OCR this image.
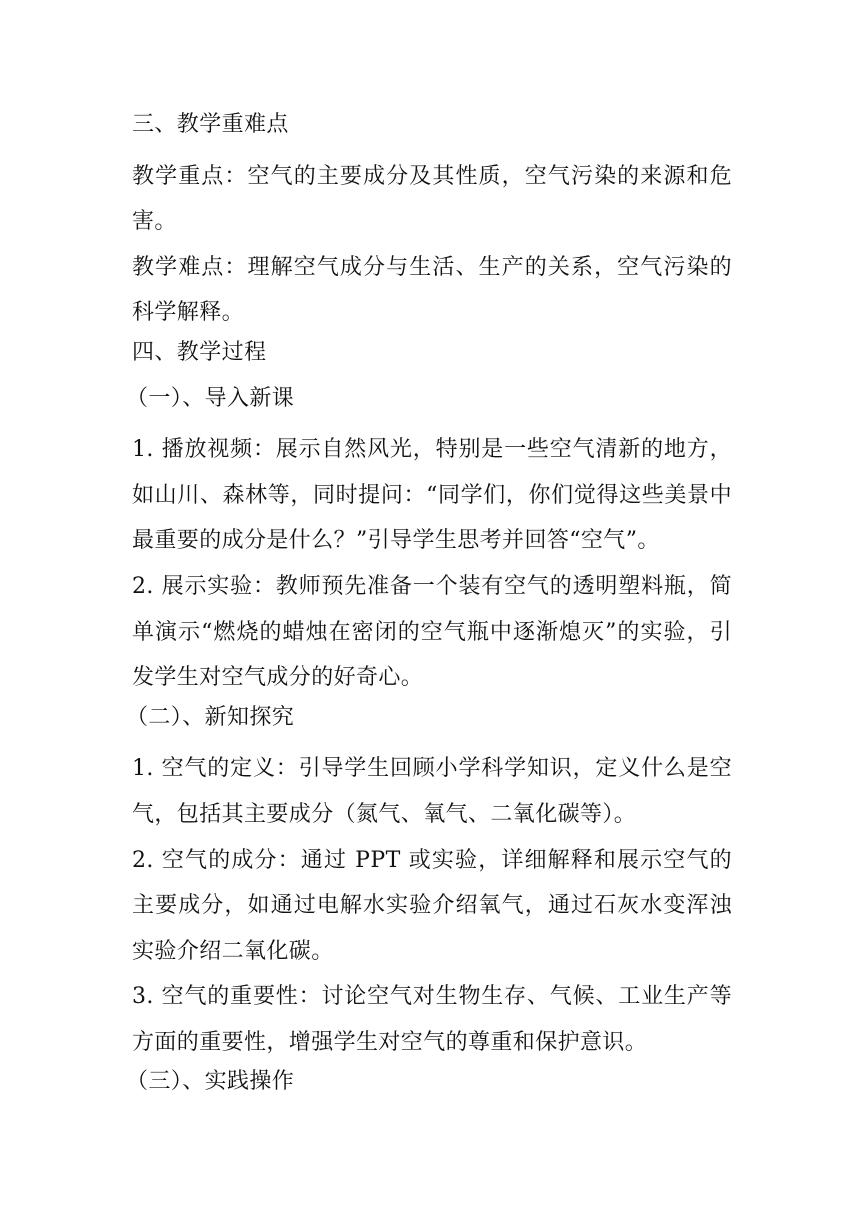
三、教学重难点

教学重点：空气的主要成分及其性质，空气污染的来源和危害。

教学难点：理解空气成分与生活、生产的关系，空气污染的科学解释。

四、教学过程

（一）、导入新课

1. 播放视频：展示自然风光，特别是一些空气清新的地方，如山川、森林等，同时提问：“同学们，你们觉得这些美景中最重要的成分是什么？”引导学生思考并回答“空气”。

2. 展示实验：教师预先准备一个装有空气的透明塑料瓶，简单演示“燃烧的蜡烛在密闭的空气瓶中逐渐熄灭”的实验，引发学生对空气成分的好奇心。

（二）、新知探究

1. 空气的定义：引导学生回顾小学科学知识，定义什么是空气，包括其主要成分（氮气、氧气、二氧化碳等）。

2. 空气的成分：通过 PPT 或实验，详细解释和展示空气的主要成分，如通过电解水实验介绍氧气，通过石灰水变浑浊实验介绍二氧化碳。

3. 空气的重要性：讨论空气对生物生存、气候、工业生产等方面的重要性，增强学生对空气的尊重和保护意识。

（三）、实践操作
